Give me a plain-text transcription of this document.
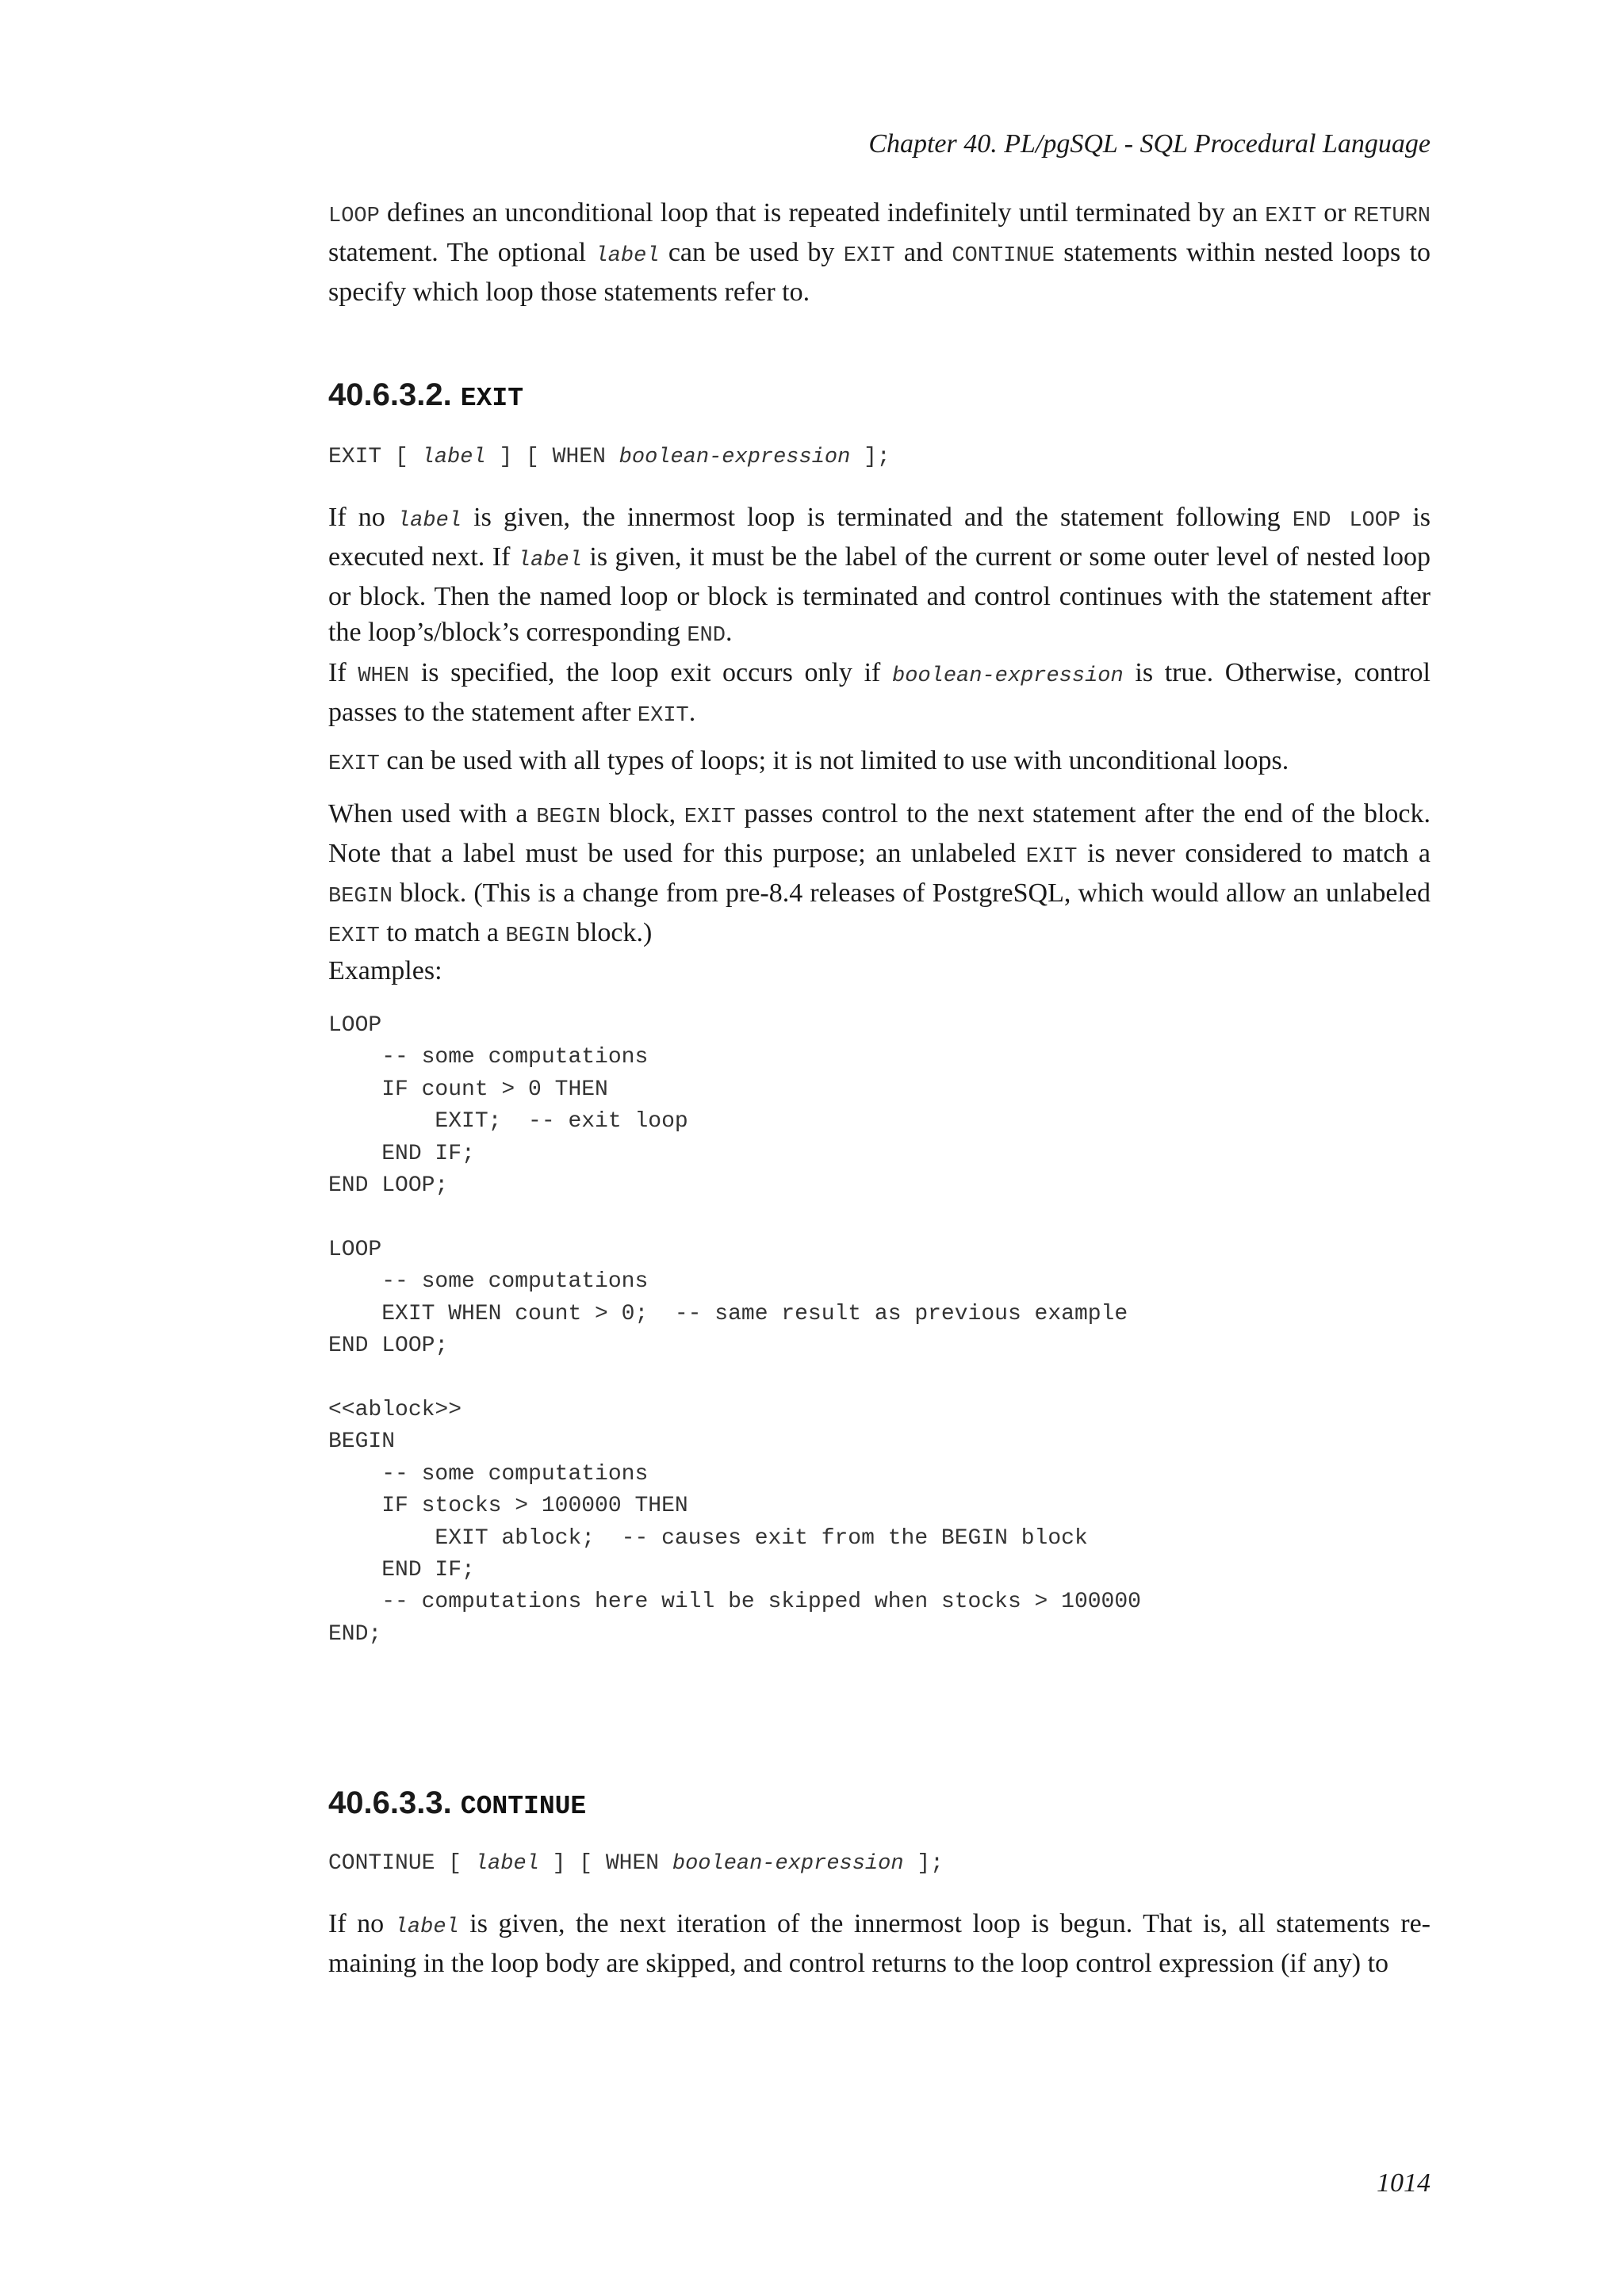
Chapter 40. PL/pgSQL - SQL Procedural Language

LOOP defines an unconditional loop that is repeated indefinitely until terminated by an EXIT or RETURN statement. The optional label can be used by EXIT and CONTINUE statements within nested loops to specify which loop those statements refer to.

40.6.3.2. EXIT
EXIT [ label ] [ WHEN boolean-expression ];

If no label is given, the innermost loop is terminated and the statement following END LOOP is executed next. If label is given, it must be the label of the current or some outer level of nested loop or block. Then the named loop or block is terminated and control continues with the statement after the loop’s/block’s corresponding END.

If WHEN is specified, the loop exit occurs only if boolean-expression is true. Otherwise, control passes to the statement after EXIT.

EXIT can be used with all types of loops; it is not limited to use with unconditional loops.

When used with a BEGIN block, EXIT passes control to the next statement after the end of the block. Note that a label must be used for this purpose; an unlabeled EXIT is never considered to match a BEGIN block. (This is a change from pre-8.4 releases of PostgreSQL, which would allow an unlabeled EXIT to match a BEGIN block.)

Examples:

LOOP
-- some computations
IF count > 0 THEN
EXIT;  -- exit loop
END IF;
END LOOP;

LOOP
-- some computations
EXIT WHEN count > 0;  -- same result as previous example
END LOOP;

<<ablock>>
BEGIN
-- some computations
IF stocks > 100000 THEN
EXIT ablock;  -- causes exit from the BEGIN block
END IF;
-- computations here will be skipped when stocks > 100000
END;
40.6.3.3. CONTINUE
CONTINUE [ label ] [ WHEN boolean-expression ];

If no label is given, the next iteration of the innermost loop is begun. That is, all statements re-maining in the loop body are skipped, and control returns to the loop control expression (if any) to

1014
